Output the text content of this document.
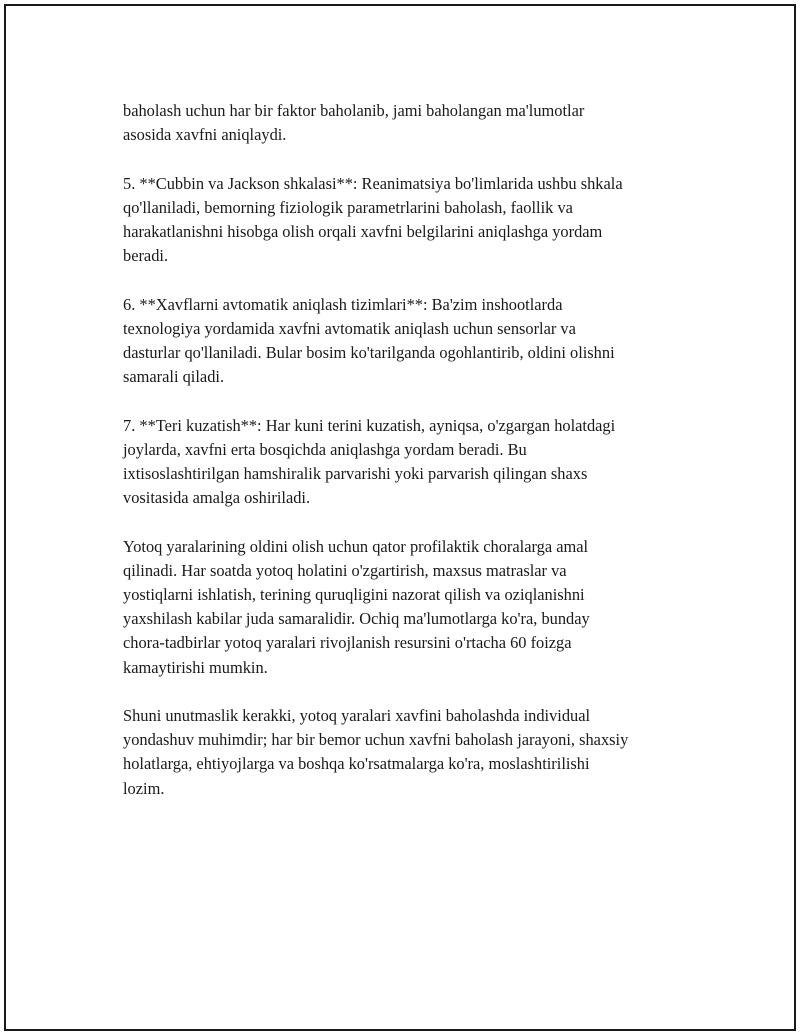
baholash uchun har bir faktor baholanib, jami baholangan ma'lumotlar
asosida xavfni aniqlaydi.

5. **Cubbin va Jackson shkalasi**: Reanimatsiya bo'limlarida ushbu shkala
qo'llaniladi, bemorning fiziologik parametrlarini baholash, faollik va
harakatlanishni hisobga olish orqali xavfni belgilarini aniqlashga yordam
beradi.

6. **Xavflarni avtomatik aniqlash tizimlari**: Ba'zim inshootlarda
texnologiya yordamida xavfni avtomatik aniqlash uchun sensorlar va
dasturlar qo'llaniladi. Bular bosim ko'tarilganda ogohlantirib, oldini olishni
samarali qiladi.

7. **Teri kuzatish**: Har kuni terini kuzatish, ayniqsa, o'zgargan holatdagi
joylarda, xavfni erta bosqichda aniqlashga yordam beradi. Bu
ixtisoslashtirilgan hamshiralik parvarishi yoki parvarish qilingan shaxs
vositasida amalga oshiriladi.

Yotoq yaralarining oldini olish uchun qator profilaktik choralarga amal
qilinadi. Har soatda yotoq holatini o'zgartirish, maxsus matraslar va
yostiqlarni ishlatish, terining quruqligini nazorat qilish va oziqlanishni
yaxshilash kabilar juda samaralidir. Ochiq ma'lumotlarga ko'ra, bunday
chora-tadbirlar yotoq yaralari rivojlanish resursini o'rtacha 60 foizga
kamaytirishi mumkin.

Shuni unutmaslik kerakki, yotoq yaralari xavfini baholashda individual
yondashuv muhimdir; har bir bemor uchun xavfni baholash jarayoni, shaxsiy
holatlarga, ehtiyojlarga va boshqa ko'rsatmalarga ko'ra, moslashtirilishi
lozim.
